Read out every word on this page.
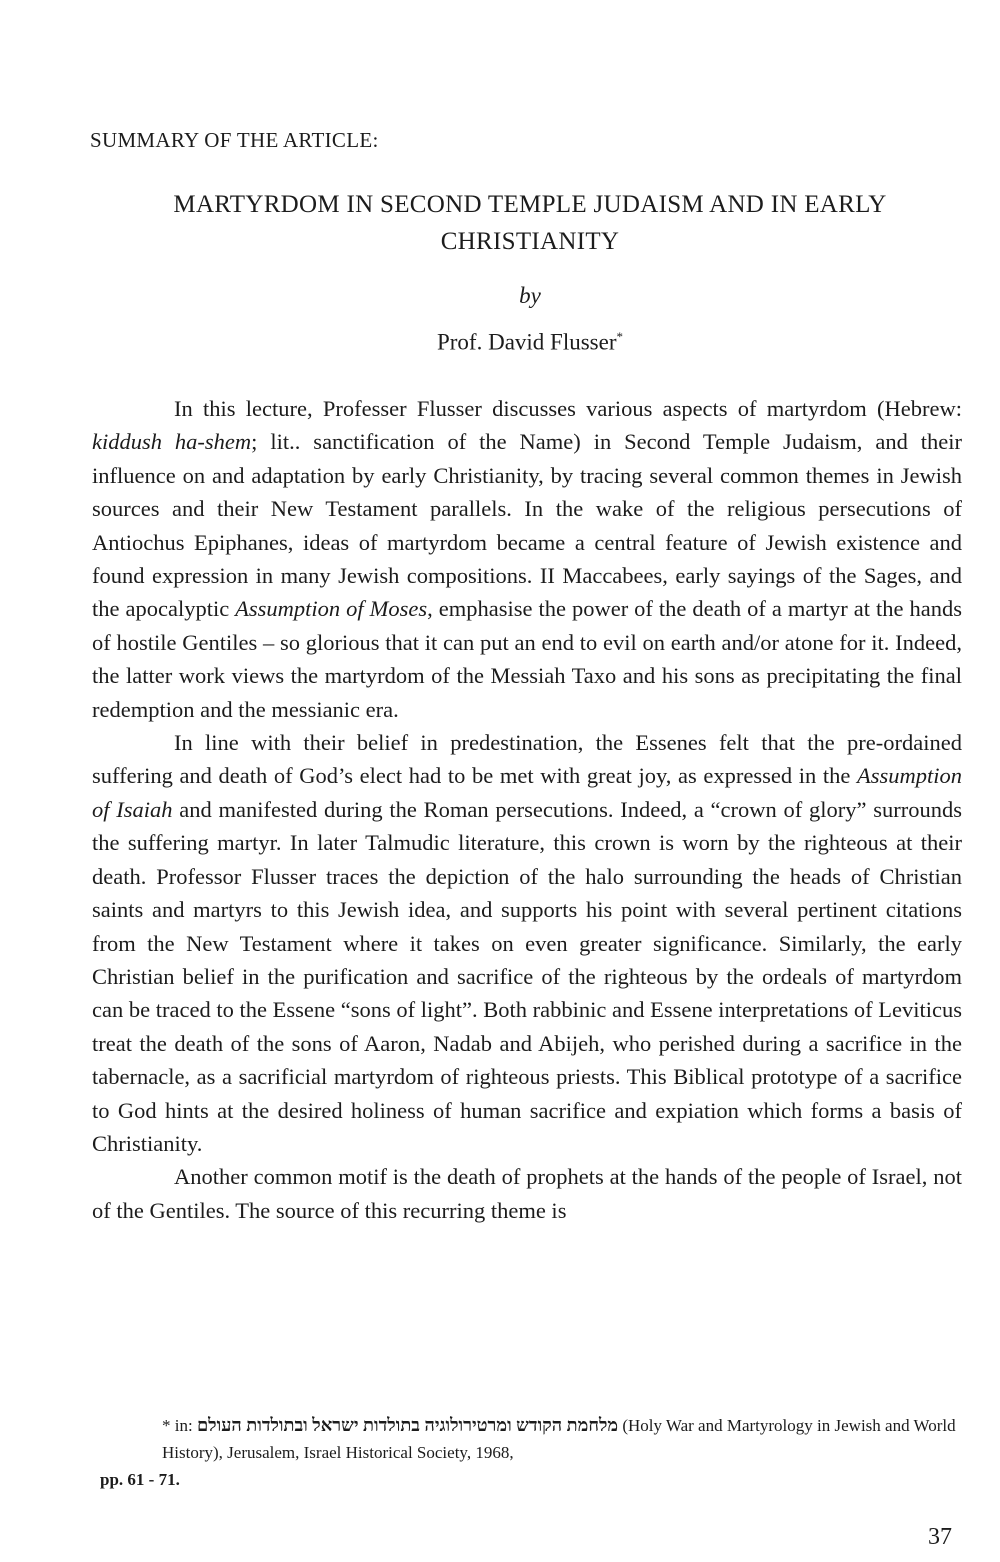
SUMMARY OF THE ARTICLE:
MARTYRDOM IN SECOND TEMPLE JUDAISM AND IN EARLY
CHRISTIANITY
by
Prof. David Flusser*

In this lecture, Professer Flusser discusses various aspects of martyrdom (Hebrew: kiddush ha-shem; lit.. sanctification of the Name) in Second Temple Judaism, and their influence on and adaptation by early Christianity, by tracing several common themes in Jewish sources and their New Testament parallels. In the wake of the religious persecutions of Antiochus Epiphanes, ideas of martyrdom became a central feature of Jewish existence and found expression in many Jewish compositions. II Maccabees, early sayings of the Sages, and the apocalyptic Assumption of Moses, emphasise the power of the death of a martyr at the hands of hostile Gentiles – so glorious that it can put an end to evil on earth and/or atone for it. Indeed, the latter work views the martyrdom of the Messiah Taxo and his sons as precipitating the final redemption and the messianic era.

In line with their belief in predestination, the Essenes felt that the pre-ordained suffering and death of God’s elect had to be met with great joy, as expressed in the Assumption of Isaiah and manifested during the Roman persecutions. Indeed, a “crown of glory” surrounds the suffering martyr. In later Talmudic literature, this crown is worn by the righteous at their death. Professor Flusser traces the depiction of the halo surrounding the heads of Christian saints and martyrs to this Jewish idea, and supports his point with several pertinent citations from the New Testament where it takes on even greater significance. Similarly, the early Christian belief in the purification and sacrifice of the righteous by the ordeals of martyrdom can be traced to the Essene “sons of light”. Both rabbinic and Essene interpretations of Leviticus treat the death of the sons of Aaron, Nadab and Abijeh, who perished during a sacrifice in the tabernacle, as a sacrificial martyrdom of righteous priests. This Biblical prototype of a sacrifice to God hints at the desired holiness of human sacrifice and expiation which forms a basis of Christianity.

Another common motif is the death of prophets at the hands of the people of Israel, not of the Gentiles. The source of this recurring theme is

* in: מלחמת הקודש ומרטירולוגיה בתולדות ישראל ובתולדות העולם (Holy War and Martyrology in Jewish and World History), Jerusalem, Israel Historical Society, 1968,
pp. 61 - 71.
37
